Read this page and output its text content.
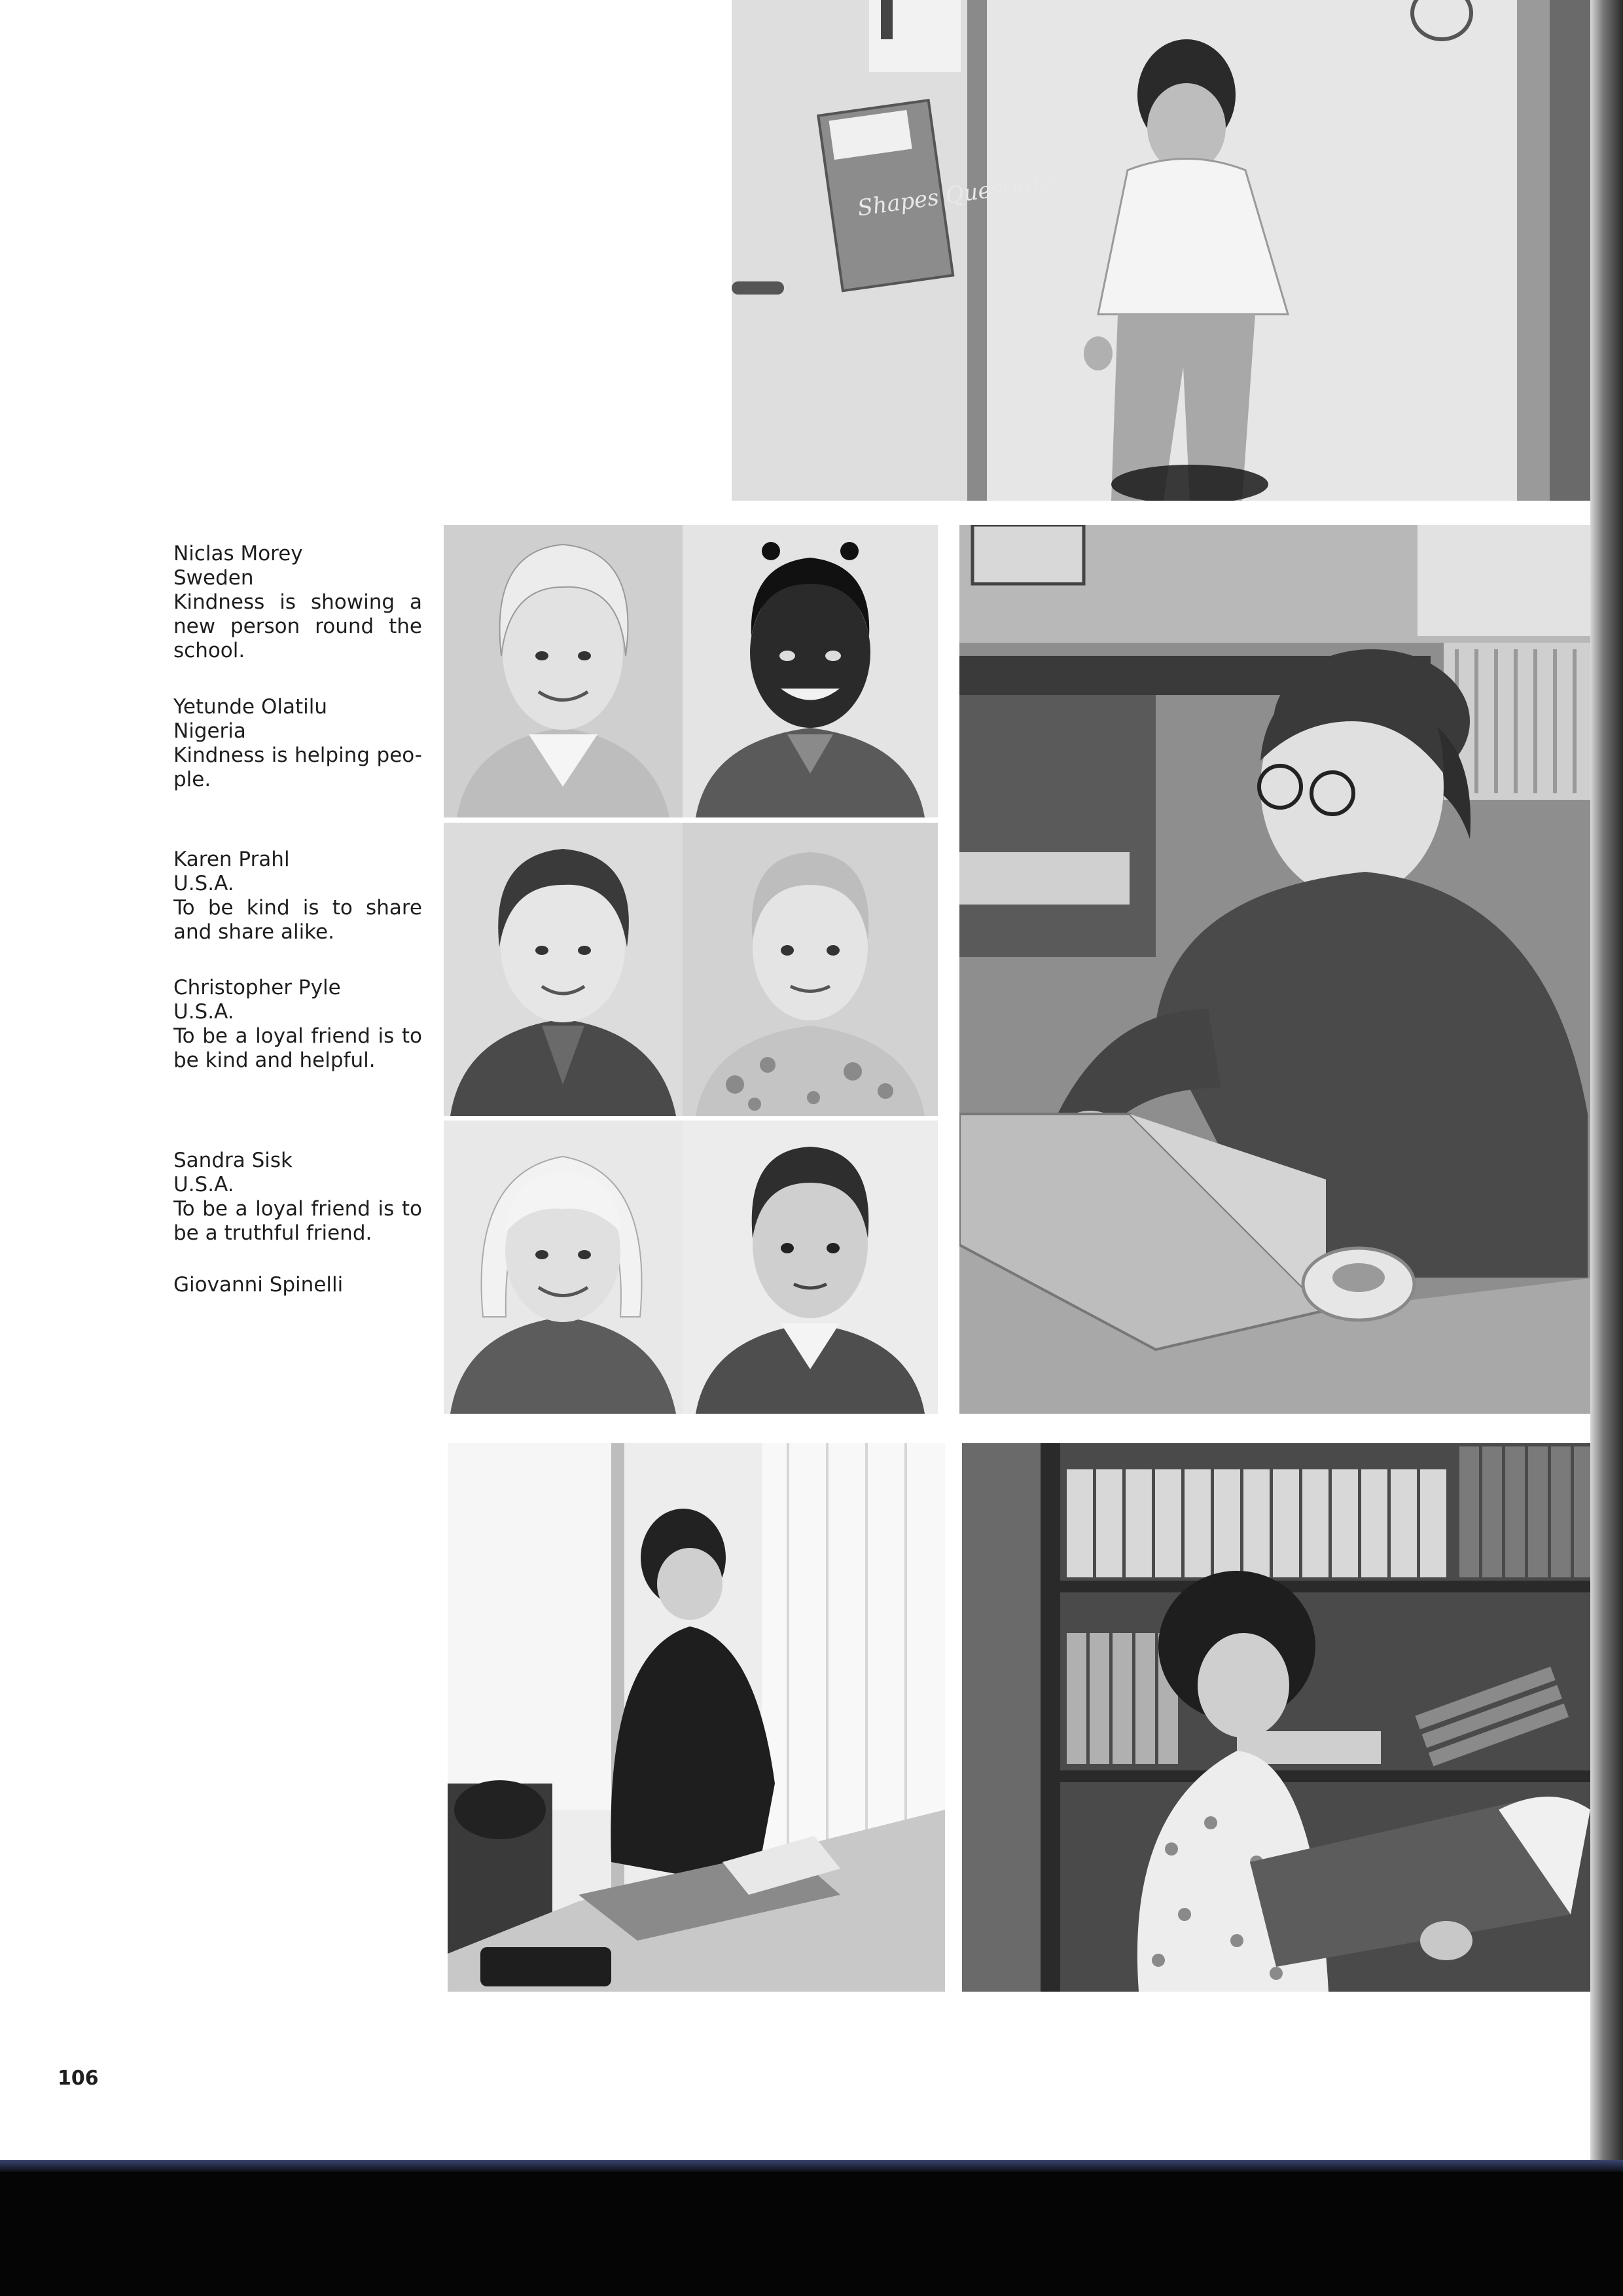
Shapes Questions
Niclas Morey
Sweden
Kindness is showing a new person round the school.
Yetunde Olatilu
Nigeria
Kindness is helping peo-ple.
Karen Prahl
U.S.A.
To be kind is to share and share alike.
Christopher Pyle
U.S.A.
To be a loyal friend is to be kind and helpful.
Sandra Sisk
U.S.A.
To be a loyal friend is to be a truthful friend.
Giovanni Spinelli
106
